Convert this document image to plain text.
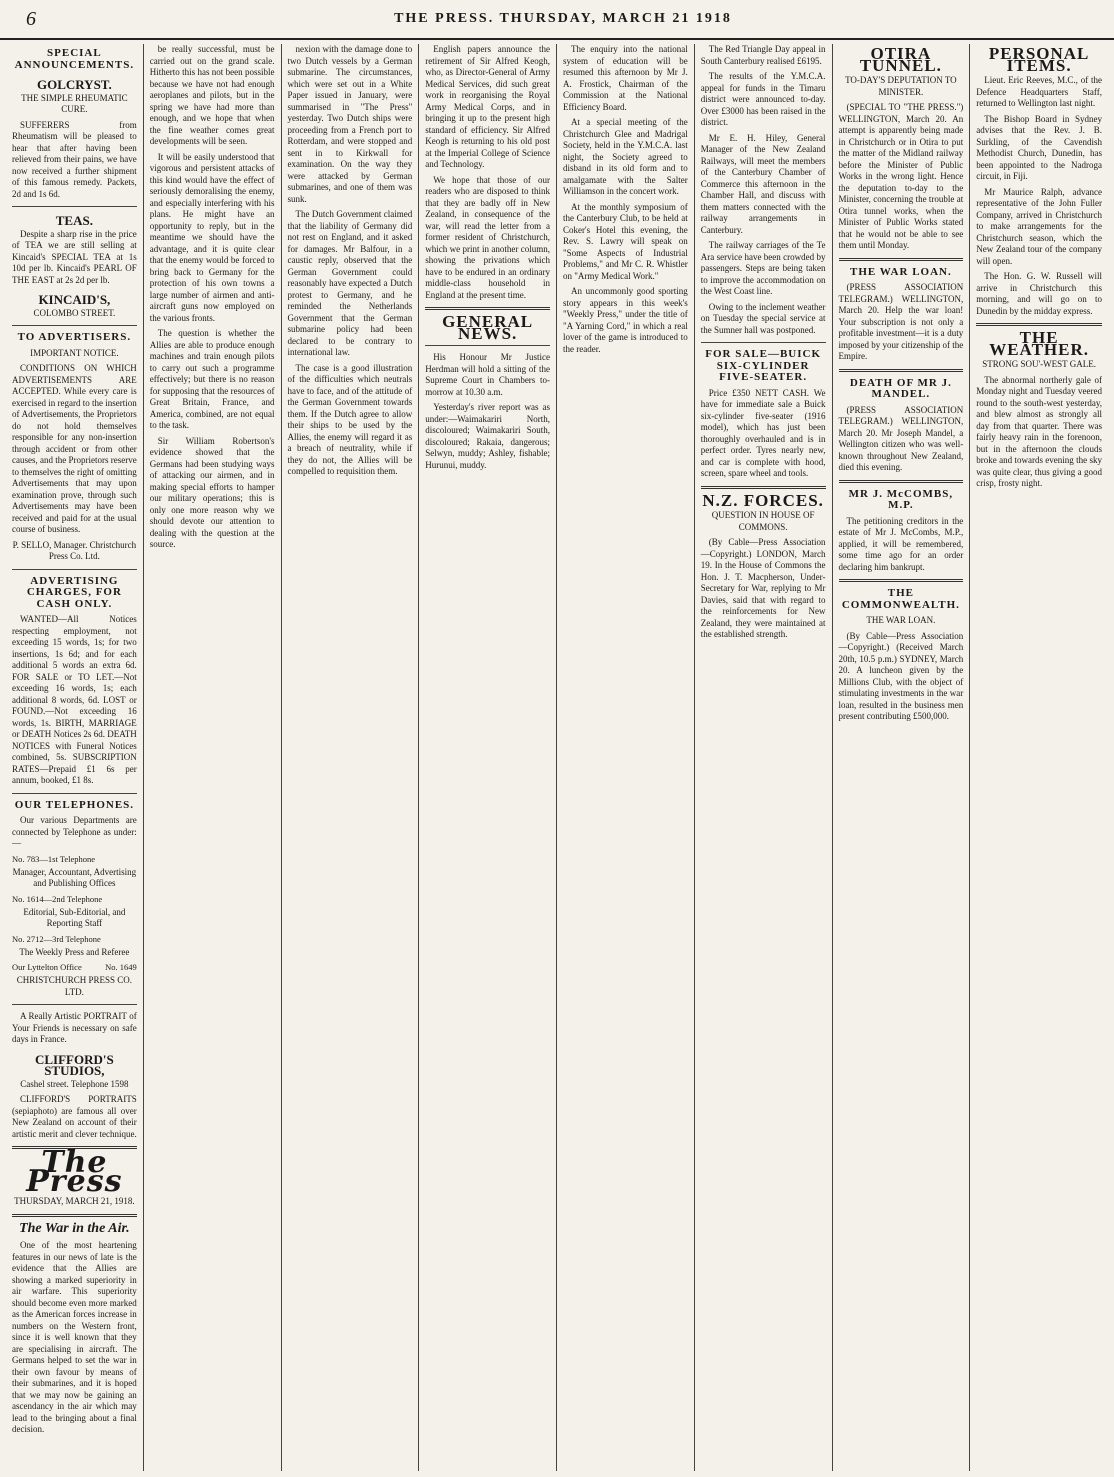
6	THE PRESS. THURSDAY, MARCH 21 1918
SPECIAL ANNOUNCEMENTS.
GOLCRYST.
THE SIMPLE RHEUMATIC CURE.

SUFFERERS from Rheumatism will be pleased to hear that after having been relieved from their pains, we have now received a further shipment of this famous remedy. Packets, 2d and 1s 6d.

TEAS.

Despite a sharp rise in the price of TEA we are still selling at Kincaid's SPECIAL TEA at 1s 10d per lb. Kincaid's PEARL OF THE EAST at 2s 2d per lb.

KINCAID'S,
COLOMBO STREET.
TO ADVERTISERS.
IMPORTANT NOTICE.

CONDITIONS ON WHICH ADVERTISEMENTS ARE ACCEPTED. While every care is exercised in regard to the insertion of Advertisements, the Proprietors do not hold themselves responsible for any non-insertion through accident or from other causes, and the Proprietors reserve to themselves the right of omitting Advertisements that may upon examination prove, through such Advertisements may have been received and paid for at the usual course of business.

P. SELLO, Manager. Christchurch Press Co. Ltd.
ADVERTISING CHARGES, FOR CASH ONLY.

WANTED—All Notices respecting employment, not exceeding 15 words, 1s; for two insertions, 1s 6d; and for each additional 5 words an extra 6d. FOR SALE or TO LET.—Not exceeding 16 words, 1s; each additional 8 words, 6d. LOST or FOUND.—Not exceeding 16 words, 1s. BIRTH, MARRIAGE or DEATH Notices 2s 6d. DEATH NOTICES with Funeral Notices combined, 5s. SUBSCRIPTION RATES—Prepaid £1 6s per annum, booked, £1 8s.

OUR TELEPHONES.

Our various Departments are connected by Telephone as under:—

No. 783—1st Telephone
Manager, Accountant, Advertising and Publishing Offices
No. 1614—2nd Telephone
Editorial, Sub-Editorial, and Reporting Staff
No. 2712—3rd Telephone
The Weekly Press and Referee
Our Lyttelton Office	No. 1649
CHRISTCHURCH PRESS CO. LTD.

A Really Artistic PORTRAIT of Your Friends is necessary on safe days in France.

CLIFFORD'S STUDIOS,
Cashel street. Telephone 1598

CLIFFORD'S PORTRAITS (sepiaphoto) are famous all over New Zealand on account of their artistic merit and clever technique.

The Press
THURSDAY, MARCH 21, 1918.
The War in the Air.

One of the most heartening features in our news of late is the evidence that the Allies are showing a marked superiority in air warfare. This superiority should become even more marked as the American forces increase in numbers on the Western front, since it is well known that they are specialising in aircraft. The Germans helped to set the war in their own favour by means of their submarines, and it is hoped that we may now be gaining an ascendancy in the air which may lead to the bringing about a final decision.

be really successful, must be carried out on the grand scale. Hitherto this has not been possible because we have not had enough aeroplanes and pilots, but in the spring we have had more than enough, and we hope that when the fine weather comes great developments will be seen.

It will be easily understood that vigorous and persistent attacks of this kind would have the effect of seriously demoralising the enemy, and especially interfering with his plans. He might have an opportunity to reply, but in the meantime we should have the advantage, and it is quite clear that the enemy would be forced to bring back to Germany for the protection of his own towns a large number of airmen and anti-aircraft guns now employed on the various fronts.

The question is whether the Allies are able to produce enough machines and train enough pilots to carry out such a programme effectively; but there is no reason for supposing that the resources of Great Britain, France, and America, combined, are not equal to the task.

Sir William Robertson's evidence showed that the Germans had been studying ways of attacking our airmen, and in making special efforts to hamper our military operations; this is only one more reason why we should devote our attention to dealing with the question at the source.

nexion with the damage done to two Dutch vessels by a German submarine. The circumstances, which were set out in a White Paper issued in January, were summarised in "The Press" yesterday. Two Dutch ships were proceeding from a French port to Rotterdam, and were stopped and sent in to Kirkwall for examination. On the way they were attacked by German submarines, and one of them was sunk.

The Dutch Government claimed that the liability of Germany did not rest on England, and it asked for damages. Mr Balfour, in a caustic reply, observed that the German Government could reasonably have expected a Dutch protest to Germany, and he reminded the Netherlands Government that the German submarine policy had been declared to be contrary to international law.

The case is a good illustration of the difficulties which neutrals have to face, and of the attitude of the German Government towards them. If the Dutch agree to allow their ships to be used by the Allies, the enemy will regard it as a breach of neutrality, while if they do not, the Allies will be compelled to requisition them.

English papers announce the retirement of Sir Alfred Keogh, who, as Director-General of Army Medical Services, did such great work in reorganising the Royal Army Medical Corps, and in bringing it up to the present high standard of efficiency. Sir Alfred Keogh is returning to his old post at the Imperial College of Science and Technology.

We hope that those of our readers who are disposed to think that they are badly off in New Zealand, in consequence of the war, will read the letter from a former resident of Christchurch, which we print in another column, showing the privations which have to be endured in an ordinary middle-class household in England at the present time.

GENERAL NEWS.

His Honour Mr Justice Herdman will hold a sitting of the Supreme Court in Chambers to-morrow at 10.30 a.m.

Yesterday's river report was as under:—Waimakariri North, discoloured; Waimakariri South, discoloured; Rakaia, dangerous; Selwyn, muddy; Ashley, fishable; Hurunui, muddy.

The enquiry into the national system of education will be resumed this afternoon by Mr J. A. Frostick, Chairman of the Commission at the National Efficiency Board.

At a special meeting of the Christchurch Glee and Madrigal Society, held in the Y.M.C.A. last night, the Society agreed to disband in its old form and to amalgamate with the Salter Williamson in the concert work.

At the monthly symposium of the Canterbury Club, to be held at Coker's Hotel this evening, the Rev. S. Lawry will speak on "Some Aspects of Industrial Problems," and Mr C. R. Whistler on "Army Medical Work."

An uncommonly good sporting story appears in this week's "Weekly Press," under the title of "A Yarning Cord," in which a real lover of the game is introduced to the reader.

The Red Triangle Day appeal in South Canterbury realised £6195.

The results of the Y.M.C.A. appeal for funds in the Timaru district were announced to-day. Over £3000 has been raised in the district.

Mr E. H. Hiley, General Manager of the New Zealand Railways, will meet the members of the Canterbury Chamber of Commerce this afternoon in the Chamber Hall, and discuss with them matters connected with the railway arrangements in Canterbury.

The railway carriages of the Te Ara service have been crowded by passengers. Steps are being taken to improve the accommodation on the West Coast line.

Owing to the inclement weather on Tuesday the special service at the Sumner hall was postponed.

FOR SALE—BUICK SIX-CYLINDER FIVE-SEATER.

Price £350 NETT CASH. We have for immediate sale a Buick six-cylinder five-seater (1916 model), which has just been thoroughly overhauled and is in perfect order. Tyres nearly new, and car is complete with hood, screen, spare wheel and tools.

N.Z. FORCES.
QUESTION IN HOUSE OF COMMONS.

(By Cable—Press Association—Copyright.) LONDON, March 19. In the House of Commons the Hon. J. T. Macpherson, Under-Secretary for War, replying to Mr Davies, said that with regard to the reinforcements for New Zealand, they were maintained at the established strength.

OTIRA TUNNEL.
TO-DAY'S DEPUTATION TO MINISTER.

(SPECIAL TO "THE PRESS.") WELLINGTON, March 20. An attempt is apparently being made in Christchurch or in Otira to put the matter of the Midland railway before the Minister of Public Works in the wrong light. Hence the deputation to-day to the Minister, concerning the trouble at Otira tunnel works, when the Minister of Public Works stated that he would not be able to see them until Monday.

THE WAR LOAN.

(PRESS ASSOCIATION TELEGRAM.) WELLINGTON, March 20. Help the war loan! Your subscription is not only a profitable investment—it is a duty imposed by your citizenship of the Empire.

DEATH OF MR J. MANDEL.

(PRESS ASSOCIATION TELEGRAM.) WELLINGTON, March 20. Mr Joseph Mandel, a Wellington citizen who was well-known throughout New Zealand, died this evening.

MR J. McCOMBS, M.P.

The petitioning creditors in the estate of Mr J. McCombs, M.P., applied, it will be remembered, some time ago for an order declaring him bankrupt.

THE COMMONWEALTH.
THE WAR LOAN.

(By Cable—Press Association—Copyright.) (Received March 20th, 10.5 p.m.) SYDNEY, March 20. A luncheon given by the Millions Club, with the object of stimulating investments in the war loan, resulted in the business men present contributing £500,000.

PERSONAL ITEMS.

Lieut. Eric Reeves, M.C., of the Defence Headquarters Staff, returned to Wellington last night.

The Bishop Board in Sydney advises that the Rev. J. B. Surkling, of the Cavendish Methodist Church, Dunedin, has been appointed to the Nadroga circuit, in Fiji.

Mr Maurice Ralph, advance representative of the John Fuller Company, arrived in Christchurch to make arrangements for the Christchurch season, which the New Zealand tour of the company will open.

The Hon. G. W. Russell will arrive in Christchurch this morning, and will go on to Dunedin by the midday express.

THE WEATHER.
STRONG SOU'-WEST GALE.

The abnormal northerly gale of Monday night and Tuesday veered round to the south-west yesterday, and blew almost as strongly all day from that quarter. There was fairly heavy rain in the forenoon, but in the afternoon the clouds broke and towards evening the sky was quite clear, thus giving a good crisp, frosty night.
